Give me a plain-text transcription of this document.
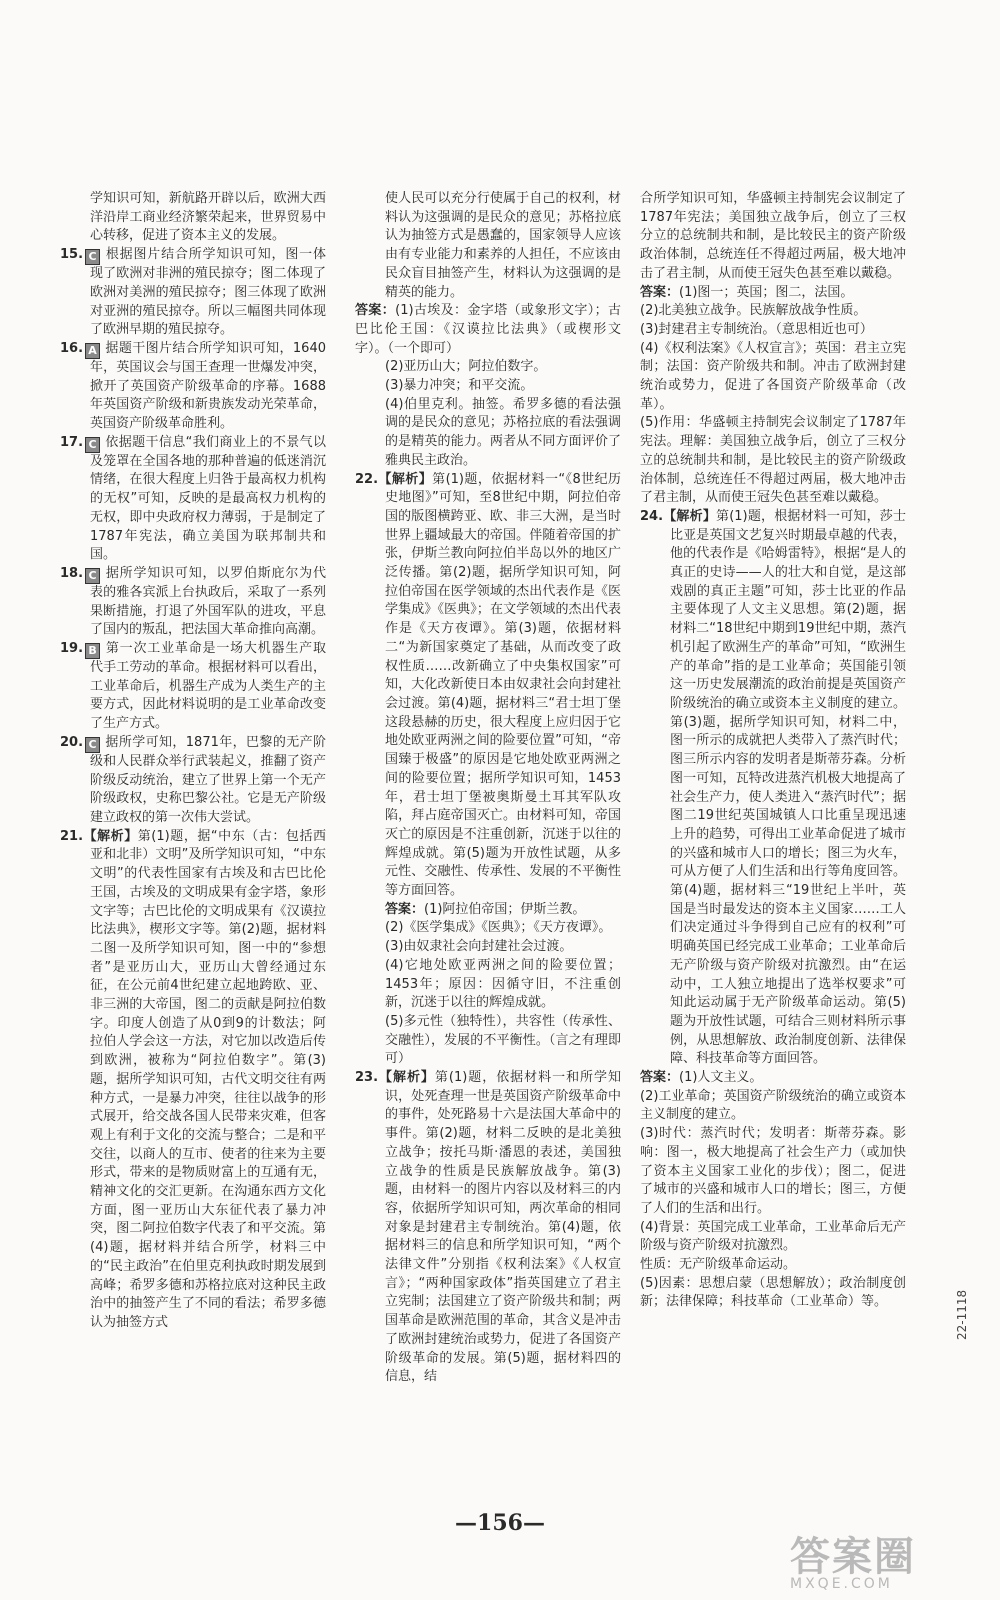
学知识可知，新航路开辟以后，欧洲大西洋沿岸工商业经济繁荣起来，世界贸易中心转移，促进了资本主义的发展。

15. C 根据图片结合所学知识可知，图一体现了欧洲对非洲的殖民掠夺；图二体现了欧洲对美洲的殖民掠夺；图三体现了欧洲对亚洲的殖民掠夺。所以三幅图共同体现了欧洲早期的殖民掠夺。

16. A 据题干图片结合所学知识可知，1640年，英国议会与国王查理一世爆发冲突，掀开了英国资产阶级革命的序幕。1688年英国资产阶级和新贵族发动光荣革命，英国资产阶级革命胜利。

17. C 依据题干信息“我们商业上的不景气以及笼罩在全国各地的那种普遍的低迷消沉情绪，在很大程度上归咎于最高权力机构的无权”可知，反映的是最高权力机构的无权，即中央政府权力薄弱，于是制定了1787年宪法，确立美国为联邦制共和国。

18. C 据所学知识可知，以罗伯斯庇尔为代表的雅各宾派上台执政后，采取了一系列果断措施，打退了外国军队的进攻，平息了国内的叛乱，把法国大革命推向高潮。

19. B 第一次工业革命是一场大机器生产取代手工劳动的革命。根据材料可以看出，工业革命后，机器生产成为人类生产的主要方式，因此材料说明的是工业革命改变了生产方式。

20. C 据所学可知，1871年，巴黎的无产阶级和人民群众举行武装起义，推翻了资产阶级反动统治，建立了世界上第一个无产阶级政权，史称巴黎公社。它是无产阶级建立政权的第一次伟大尝试。

21.【解析】第(1)题，据“中东（古：包括西亚和北非）文明”及所学知识可知，“中东文明”的代表性国家有古埃及和古巴比伦王国，古埃及的文明成果有金字塔，象形文字等；古巴比伦的文明成果有《汉谟拉比法典》，楔形文字等。第(2)题，据材料二图一及所学知识可知，图一中的“参想者”是亚历山大，亚历山大曾经通过东征，在公元前4世纪建立起地跨欧、亚、非三洲的大帝国，图二的贡献是阿拉伯数字。印度人创造了从0到9的计数法；阿拉伯人学会这一方法，对它加以改造后传到欧洲，被称为“阿拉伯数字”。第(3)题，据所学知识可知，古代文明交往有两种方式，一是暴力冲突，往往以战争的形式展开，给交战各国人民带来灾难，但客观上有利于文化的交流与整合；二是和平交往，以商人的互市、使者的往来为主要形式，带来的是物质财富上的互通有无，精神文化的交汇更新。在沟通东西方文化方面，图一亚历山大东征代表了暴力冲突，图二阿拉伯数字代表了和平交流。第(4)题，据材料并结合所学，材料三中的“民主政治”在伯里克利执政时期发展到高峰；希罗多德和苏格拉底对这种民主政治中的抽签产生了不同的看法；希罗多德认为抽签方式

使人民可以充分行使属于自己的权利，材料认为这强调的是民众的意见；苏格拉底认为抽签方式是愚蠢的，国家领导人应该由有专业能力和素养的人担任，不应该由民众盲目抽签产生，材料认为这强调的是精英的能力。

答案：(1)古埃及：金字塔（或象形文字）；古巴比伦王国：《汉谟拉比法典》（或楔形文字）。（一个即可）

(2)亚历山大；阿拉伯数字。

(3)暴力冲突；和平交流。

(4)伯里克利。抽签。希罗多德的看法强调的是民众的意见；苏格拉底的看法强调的是精英的能力。两者从不同方面评价了雅典民主政治。

22.【解析】第(1)题，依据材料一“《8世纪历史地图》”可知，至8世纪中期，阿拉伯帝国的版图横跨亚、欧、非三大洲，是当时世界上疆域最大的帝国。伴随着帝国的扩张，伊斯兰教向阿拉伯半岛以外的地区广泛传播。第(2)题，据所学知识可知，阿拉伯帝国在医学领域的杰出代表作是《医学集成》《医典》；在文学领域的杰出代表作是《天方夜谭》。第(3)题，依据材料二“为新国家奠定了基础，从而改变了政权性质……改新确立了中央集权国家”可知，大化改新使日本由奴隶社会向封建社会过渡。第(4)题，据材料三“君士坦丁堡这段悬赫的历史，很大程度上应归因于它地处欧亚两洲之间的险要位置”可知，“帝国臻于极盛”的原因是它地处欧亚两洲之间的险要位置；据所学知识可知，1453年，君士坦丁堡被奥斯曼土耳其军队攻陷，拜占庭帝国灭亡。由材料可知，帝国灭亡的原因是不注重创新，沉迷于以往的辉煌成就。第(5)题为开放性试题，从多元性、交融性、传承性、发展的不平衡性等方面回答。

答案：(1)阿拉伯帝国；伊斯兰教。

(2)《医学集成》《医典》；《天方夜谭》。

(3)由奴隶社会向封建社会过渡。

(4)它地处欧亚两洲之间的险要位置；1453年；原因：因循守旧，不注重创新，沉迷于以往的辉煌成就。

(5)多元性（独特性），共容性（传承性、交融性），发展的不平衡性。（言之有理即可）

23.【解析】第(1)题，依据材料一和所学知识，处死查理一世是英国资产阶级革命中的事件，处死路易十六是法国大革命中的事件。第(2)题，材料二反映的是北美独立战争；按托马斯·潘恩的表述，美国独立战争的性质是民族解放战争。第(3)题，由材料一的图片内容以及材料三的内容，依据所学知识可知，两次革命的相同对象是封建君主专制统治。第(4)题，依据材料三的信息和所学知识可知，“两个法律文件”分别指《权利法案》《人权宣言》；“两种国家政体”指英国建立了君主立宪制；法国建立了资产阶级共和制；两国革命是欧洲范围的革命，其含义是冲击了欧洲封建统治或势力，促进了各国资产阶级革命的发展。第(5)题，据材料四的信息，结

合所学知识可知，华盛顿主持制宪会议制定了1787年宪法；美国独立战争后，创立了三权分立的总统制共和制，是比较民主的资产阶级政治体制，总统连任不得超过两届，极大地冲击了君主制，从而使王冠失色甚至难以戴稳。

答案：(1)图一；英国；图二，法国。

(2)北美独立战争。民族解放战争性质。

(3)封建君主专制统治。（意思相近也可）

(4)《权利法案》《人权宣言》；英国：君主立宪制；法国：资产阶级共和制。冲击了欧洲封建统治或势力，促进了各国资产阶级革命（改革）。

(5)作用：华盛顿主持制宪会议制定了1787年宪法。理解：美国独立战争后，创立了三权分立的总统制共和制，是比较民主的资产阶级政治体制，总统连任不得超过两届，极大地冲击了君主制，从而使王冠失色甚至难以戴稳。

24.【解析】第(1)题，根据材料一可知，莎士比亚是英国文艺复兴时期最卓越的代表，他的代表作是《哈姆雷特》，根据“是人的真正的史诗——人的壮大和自觉，是这部戏剧的真正主题”可知，莎士比亚的作品主要体现了人文主义思想。第(2)题，据材料二“18世纪中期到19世纪中期，蒸汽机引起了欧洲生产的革命”可知，“欧洲生产的革命”指的是工业革命；英国能引领这一历史发展潮流的政治前提是英国资产阶级统治的确立或资本主义制度的建立。第(3)题，据所学知识可知，材料二中，图一所示的成就把人类带入了蒸汽时代；图三所示内容的发明者是斯蒂芬森。分析图一可知，瓦特改进蒸汽机极大地提高了社会生产力，使人类进入“蒸汽时代”；据图二19世纪英国城镇人口比重呈现迅速上升的趋势，可得出工业革命促进了城市的兴盛和城市人口的增长；图三为火车，可从方便了人们生活和出行等角度回答。第(4)题，据材料三“19世纪上半叶，英国是当时最发达的资本主义国家……工人们决定通过斗争得到自己应有的权利”可明确英国已经完成工业革命；工业革命后无产阶级与资产阶级对抗激烈。由“在运动中，工人独立地提出了选举权要求”可知此运动属于无产阶级革命运动。第(5)题为开放性试题，可结合三则材料所示事例，从思想解放、政治制度创新、法律保障、科技革命等方面回答。

答案：(1)人文主义。

(2)工业革命；英国资产阶级统治的确立或资本主义制度的建立。

(3)时代：蒸汽时代；发明者：斯蒂芬森。影响：图一，极大地提高了社会生产力（或加快了资本主义国家工业化的步伐）；图二，促进了城市的兴盛和城市人口的增长；图三，方便了人们的生活和出行。

(4)背景：英国完成工业革命，工业革命后无产阶级与资产阶级对抗激烈。

性质：无产阶级革命运动。

(5)因素：思想启蒙（思想解放）；政治制度创新；法律保障；科技革命（工业革命）等。	22-1118
—156—
答案圈
MXQE.COM
